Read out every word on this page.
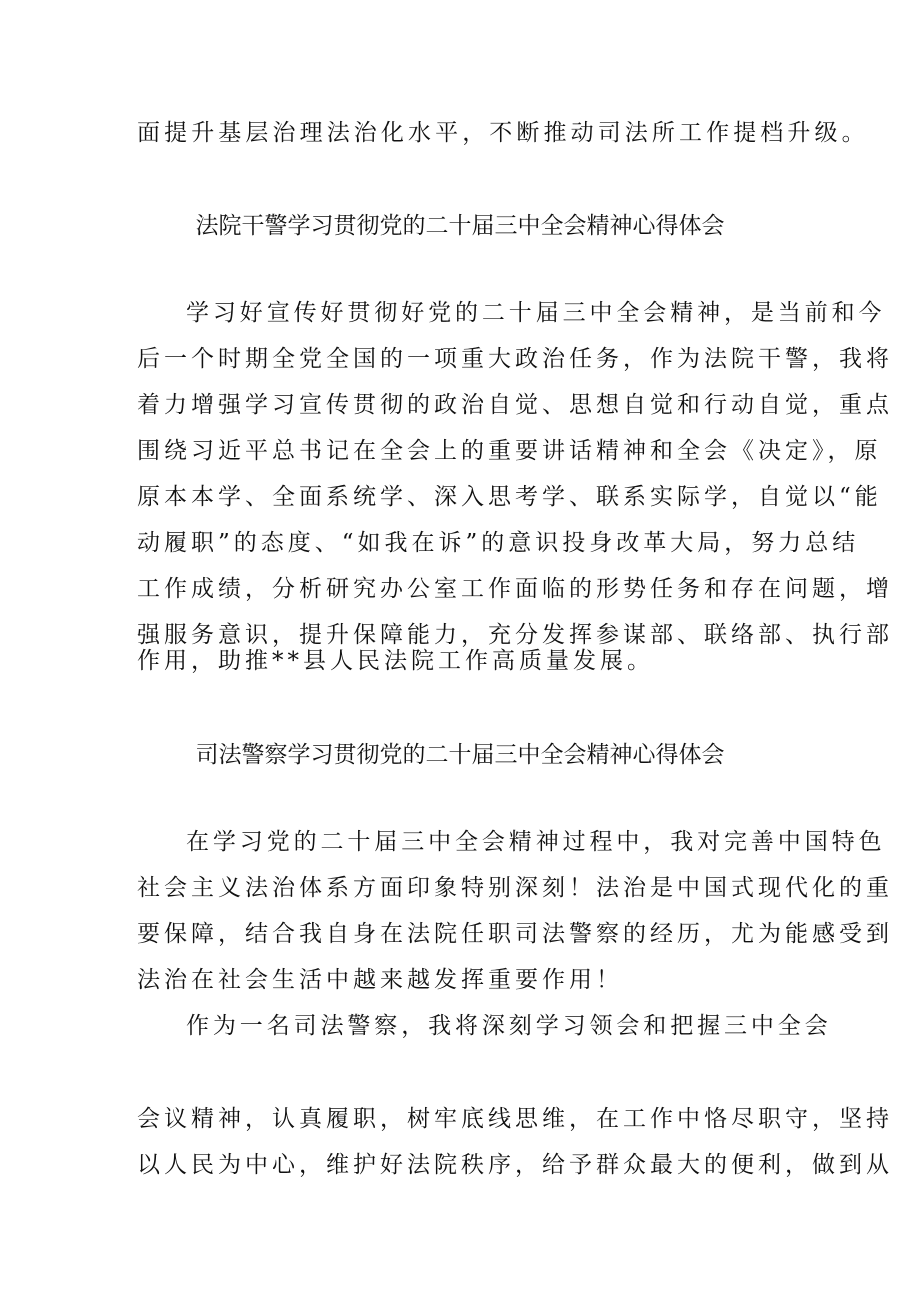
面提升基层治理法治化水平，不断推动司法所工作提档升级。
法院干警学习贯彻党的二十届三中全会精神心得体会
学习好宣传好贯彻好党的二十届三中全会精神，是当前和今
后一个时期全党全国的一项重大政治任务，作为法院干警，我将
着力增强学习宣传贯彻的政治自觉、思想自觉和行动自觉，重点
围绕习近平总书记在全会上的重要讲话精神和全会《决定》，原
原本本学、全面系统学、深入思考学、联系实际学，自觉以“能
动履职”的态度、“如我在诉”的意识投身改革大局，努力总结
工作成绩，分析研究办公室工作面临的形势任务和存在问题，增
强服务意识，提升保障能力，充分发挥参谋部、联络部、执行部
作用，助推**县人民法院工作高质量发展。
司法警察学习贯彻党的二十届三中全会精神心得体会
在学习党的二十届三中全会精神过程中，我对完善中国特色
社会主义法治体系方面印象特别深刻！法治是中国式现代化的重
要保障，结合我自身在法院任职司法警察的经历，尤为能感受到
法治在社会生活中越来越发挥重要作用！
作为一名司法警察，我将深刻学习领会和把握三中全会
会议精神，认真履职，树牢底线思维，在工作中恪尽职守，坚持
以人民为中心，维护好法院秩序，给予群众最大的便利，做到从
